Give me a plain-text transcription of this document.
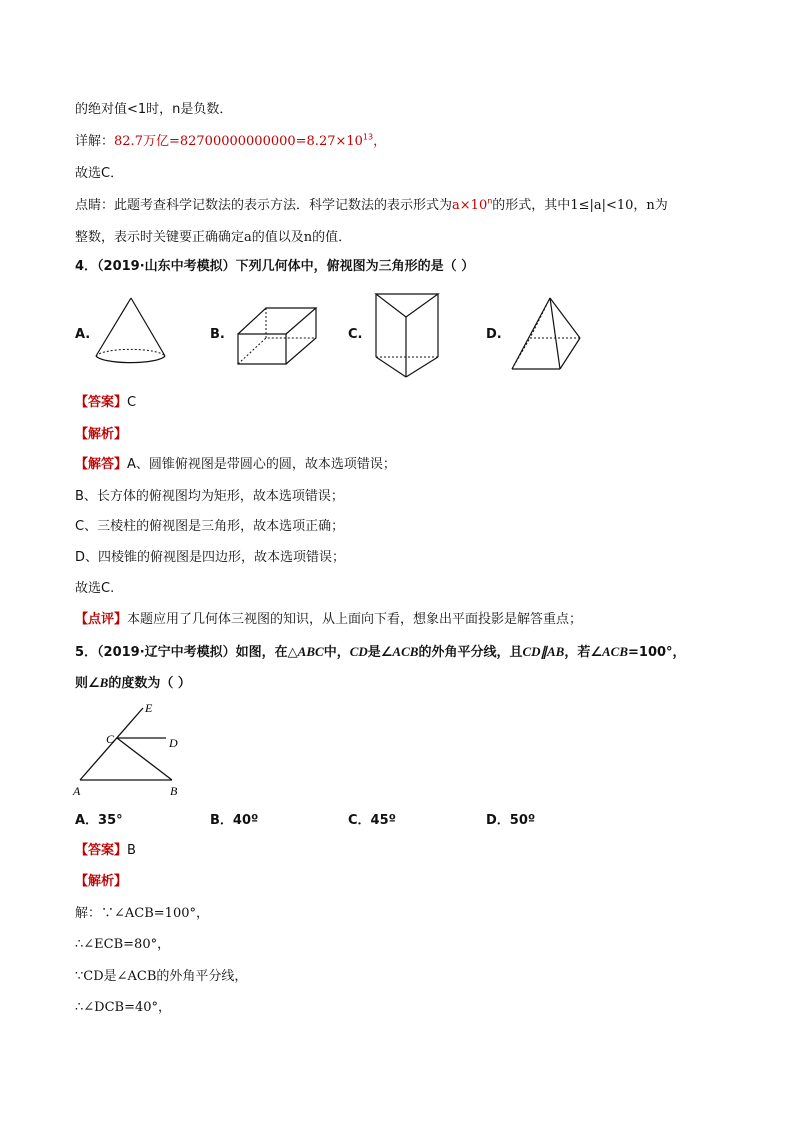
的绝对值<1时，n是负数．
详解：82.7万亿$=82700000000000=8.27\times 10^{13}$，
故选C．
点睛：此题考查科学记数法的表示方法．科学记数法的表示形式为$a\times 10^n$的形式，其中1≤|a|<10，n为
整数，表示时关键要正确确定a的值以及n的值．
4．（2019·山东中考模拟）下列几何体中，俯视图为三角形的是（ ）
A.	B.	C.	D.
【答案】C
【解析】
【解答】A、圆锥俯视图是带圆心的圆，故本选项错误；
B、长方体的俯视图均为矩形，故本选项错误；
C、三棱柱的俯视图是三角形，故本选项正确；
D、四棱锥的俯视图是四边形，故本选项错误；
故选C.
【点评】本题应用了几何体三视图的知识，从上面向下看，想象出平面投影是解答重点；
5．（2019·辽宁中考模拟）如图，在△ABC中，CD是∠ACB的外角平分线，且CD∥AB，若∠ACB=100°，
则∠B的度数为（ ）
E
C	D
A	B
A．35°	B．40º	C．45º	D．50º
【答案】B
【解析】
解：∵∠ACB=100°，
∴∠ECB=80°，
∵CD是∠ACB的外角平分线，
∴∠DCB=40°，
